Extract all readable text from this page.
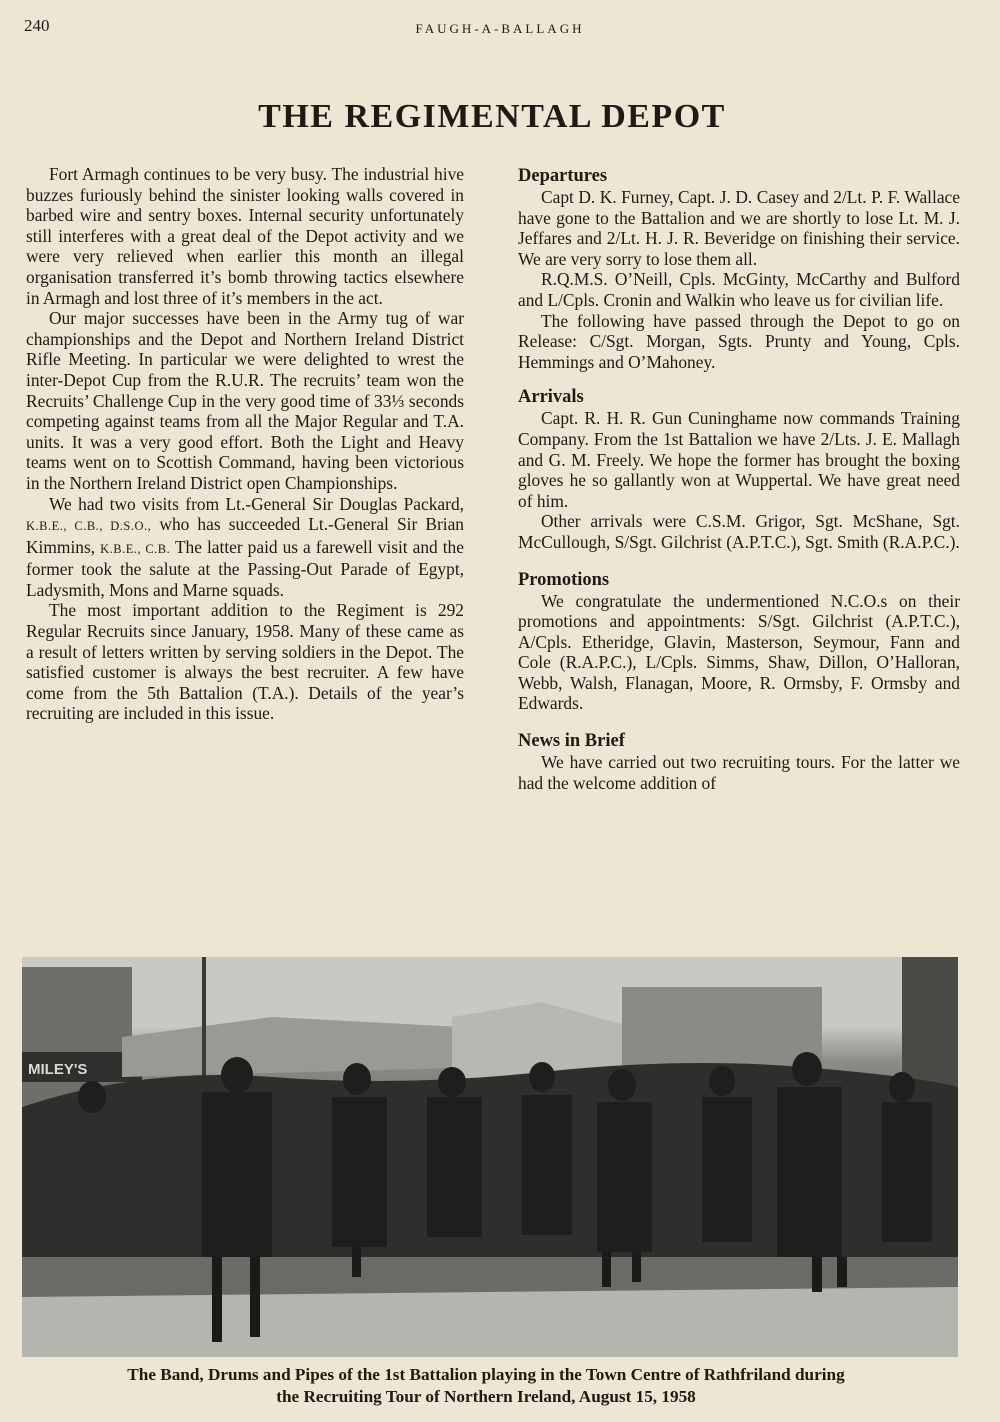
240	FAUGH-A-BALLAGH
THE REGIMENTAL DEPOT

Fort Armagh continues to be very busy. The industrial hive buzzes furiously behind the sinister looking walls covered in barbed wire and sentry boxes. Internal security unfortunately still interferes with a great deal of the Depot activity and we were very relieved when earlier this month an illegal organisation transferred it’s bomb throwing tactics elsewhere in Armagh and lost three of it’s members in the act.

Our major successes have been in the Army tug of war championships and the Depot and Northern Ireland District Rifle Meeting. In particular we were delighted to wrest the inter-Depot Cup from the R.U.R. The recruits’ team won the Recruits’ Challenge Cup in the very good time of 33⅓ seconds competing against teams from all the Major Regular and T.A. units. It was a very good effort. Both the Light and Heavy teams went on to Scottish Command, having been victorious in the Northern Ireland District open Championships.

We had two visits from Lt.-General Sir Douglas Packard, K.B.E., C.B., D.S.O., who has succeeded Lt.-General Sir Brian Kimmins, K.B.E., C.B. The latter paid us a farewell visit and the former took the salute at the Passing-Out Parade of Egypt, Ladysmith, Mons and Marne squads.

The most important addition to the Regiment is 292 Regular Recruits since January, 1958. Many of these came as a result of letters written by serving soldiers in the Depot. The satisfied customer is always the best recruiter. A few have come from the 5th Battalion (T.A.). Details of the year’s recruiting are included in this issue.

Departures

Capt D. K. Furney, Capt. J. D. Casey and 2/Lt. P. F. Wallace have gone to the Battalion and we are shortly to lose Lt. M. J. Jeffares and 2/Lt. H. J. R. Beveridge on finishing their service. We are very sorry to lose them all.

R.Q.M.S. O’Neill, Cpls. McGinty, McCarthy and Bulford and L/Cpls. Cronin and Walkin who leave us for civilian life.

The following have passed through the Depot to go on Release: C/Sgt. Morgan, Sgts. Prunty and Young, Cpls. Hemmings and O’Mahoney.

Arrivals

Capt. R. H. R. Gun Cuninghame now commands Training Company. From the 1st Battalion we have 2/Lts. J. E. Mallagh and G. M. Freely. We hope the former has brought the boxing gloves he so gallantly won at Wuppertal. We have great need of him.

Other arrivals were C.S.M. Grigor, Sgt. McShane, Sgt. McCullough, S/Sgt. Gilchrist (A.P.T.C.), Sgt. Smith (R.A.P.C.).

Promotions

We congratulate the undermentioned N.C.O.s on their promotions and appointments: S/Sgt. Gilchrist (A.P.T.C.), A/Cpls. Etheridge, Glavin, Masterson, Seymour, Fann and Cole (R.A.P.C.), L/Cpls. Simms, Shaw, Dillon, O’Halloran, Webb, Walsh, Flanagan, Moore, R. Ormsby, F. Ormsby and Edwards.

News in Brief

We have carried out two recruiting tours. For the latter we had the welcome addition of

MILEY'S
The Band, Drums and Pipes of the 1st Battalion playing in the Town Centre of Rathfriland during
the Recruiting Tour of Northern Ireland, August 15, 1958
